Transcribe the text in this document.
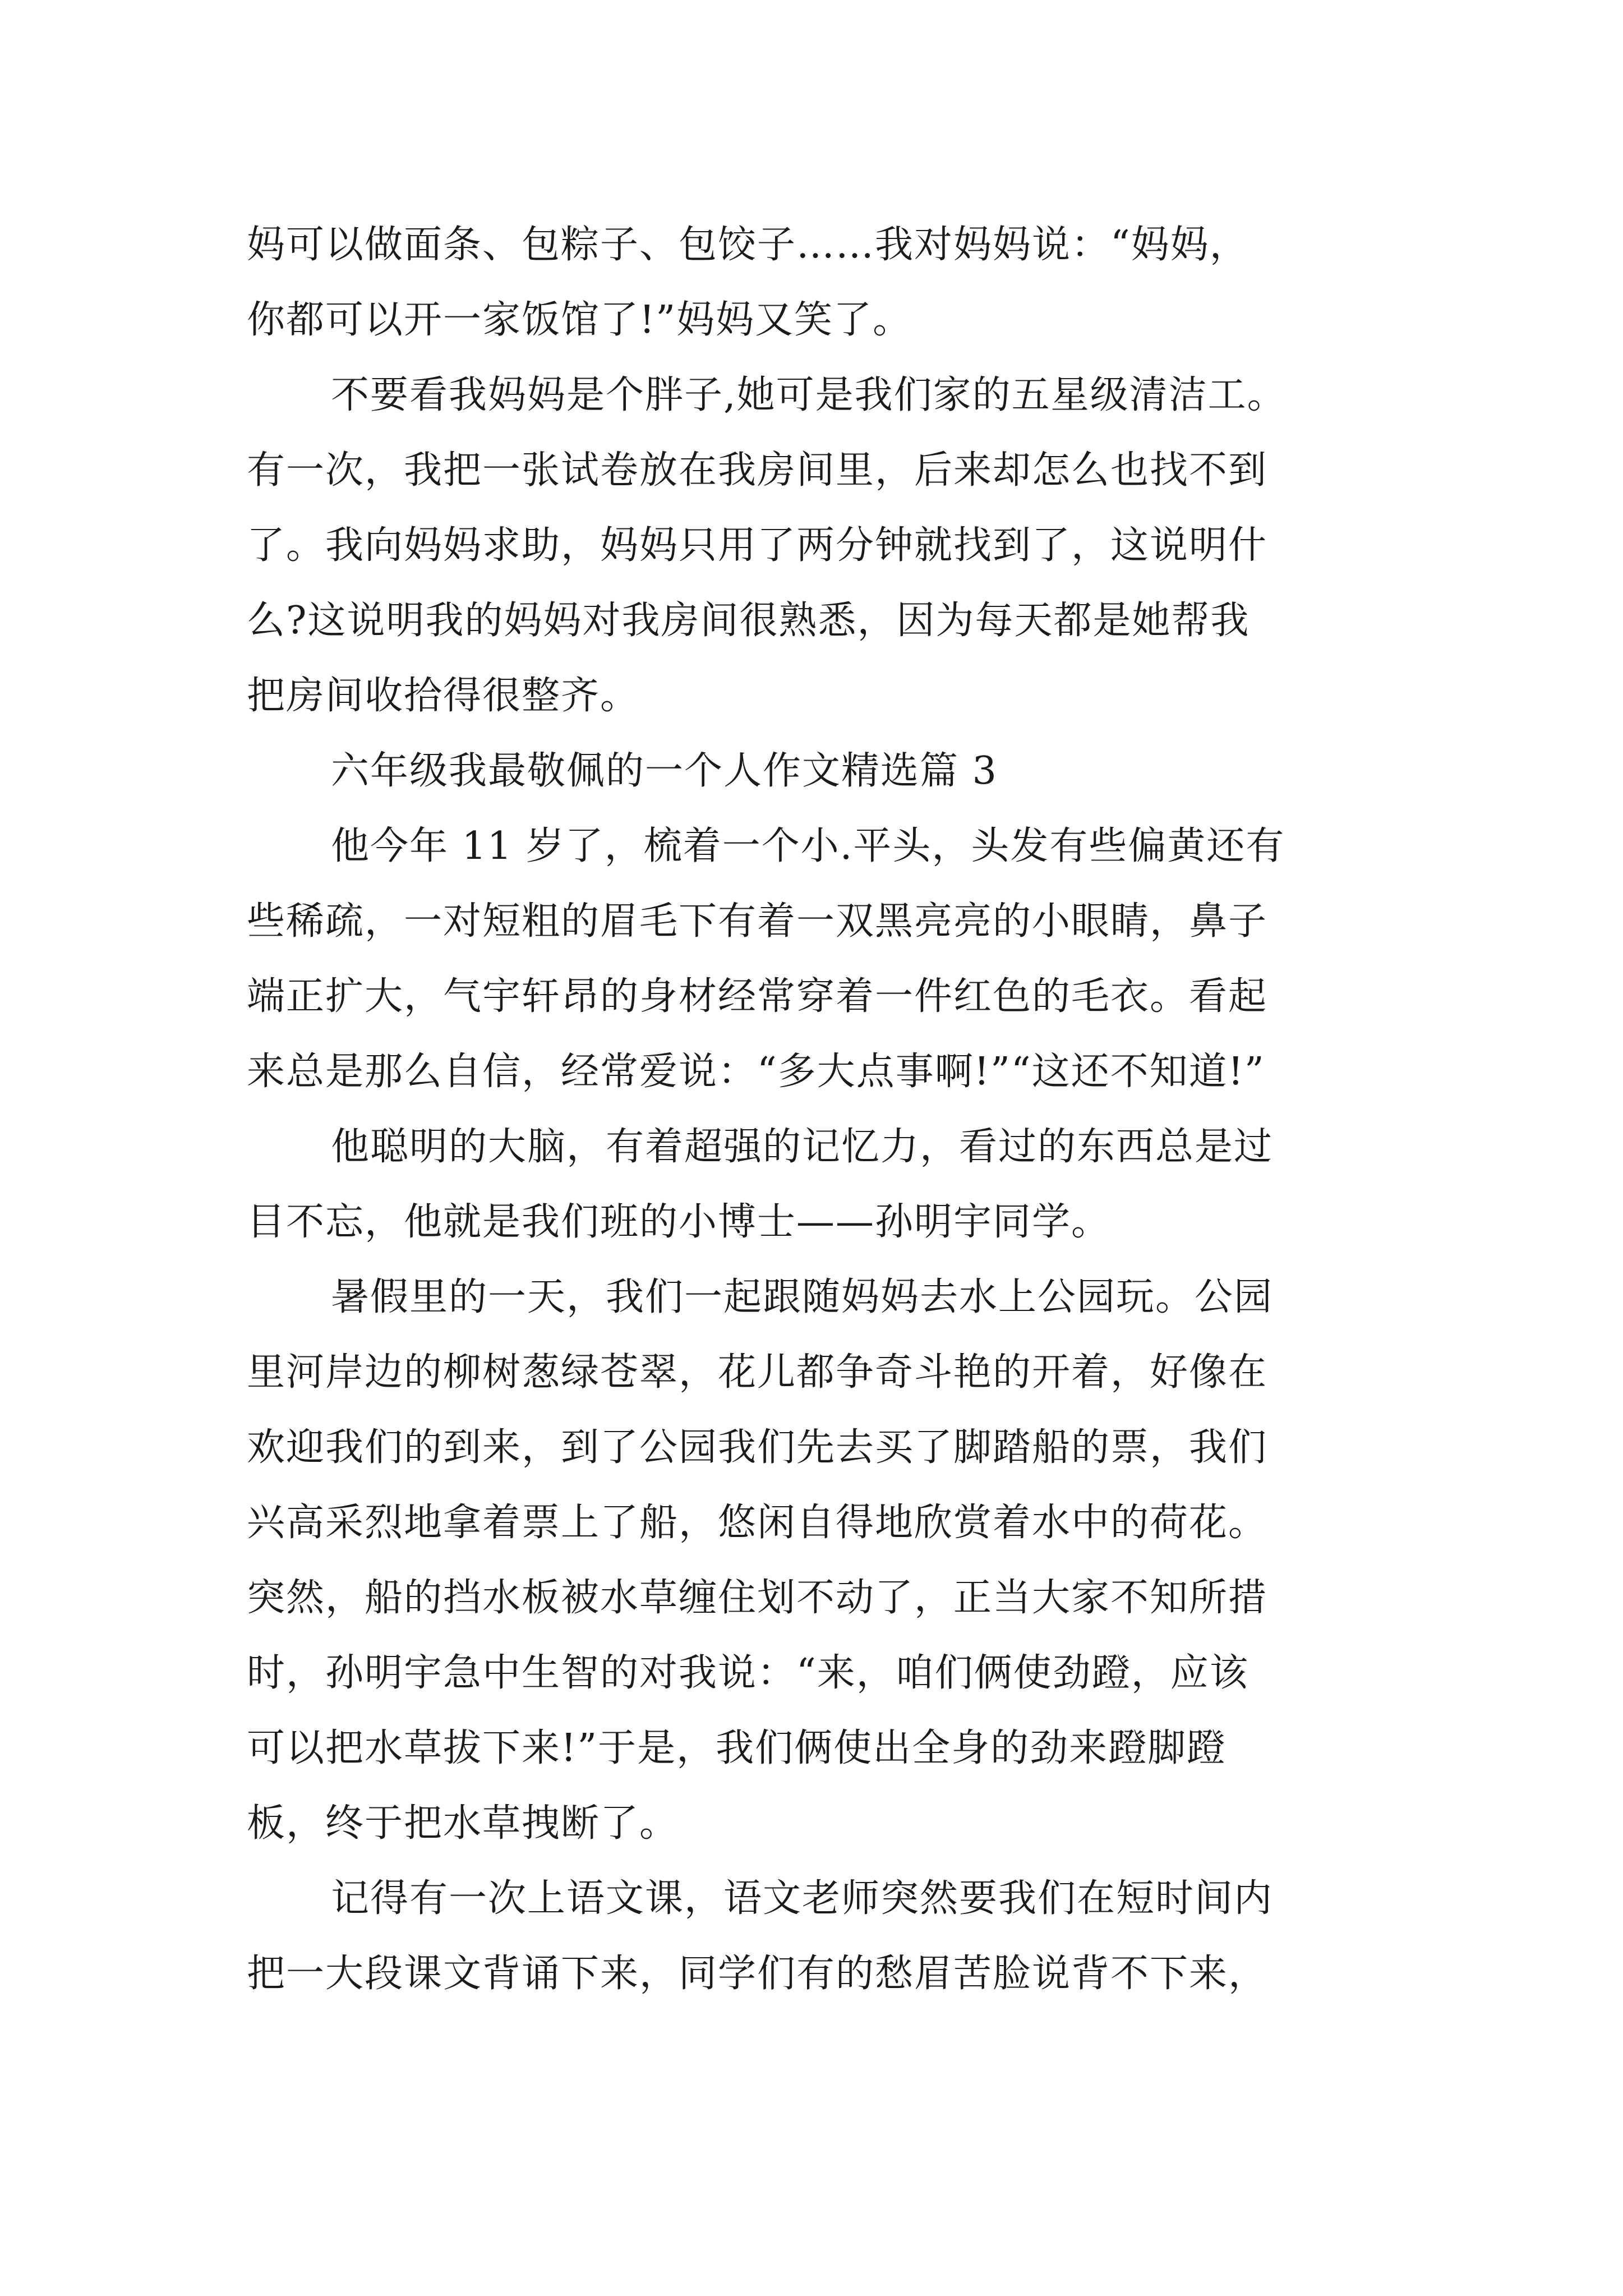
妈可以做面条、包粽子、包饺子……我对妈妈说：“妈妈，
你都可以开一家饭馆了!”妈妈又笑了。
不要看我妈妈是个胖子,她可是我们家的五星级清洁工。
有一次，我把一张试卷放在我房间里，后来却怎么也找不到
了。我向妈妈求助，妈妈只用了两分钟就找到了，这说明什
么?这说明我的妈妈对我房间很熟悉，因为每天都是她帮我
把房间收拾得很整齐。
六年级我最敬佩的一个人作文精选篇 3
他今年 11 岁了，梳着一个小.平头，头发有些偏黄还有
些稀疏，一对短粗的眉毛下有着一双黑亮亮的小眼睛，鼻子
端正扩大，气宇轩昂的身材经常穿着一件红色的毛衣。看起
来总是那么自信，经常爱说：“多大点事啊!”“这还不知道!”
他聪明的大脑，有着超强的记忆力，看过的东西总是过
目不忘，他就是我们班的小博士——孙明宇同学。
暑假里的一天，我们一起跟随妈妈去水上公园玩。公园
里河岸边的柳树葱绿苍翠，花儿都争奇斗艳的开着，好像在
欢迎我们的到来，到了公园我们先去买了脚踏船的票，我们
兴高采烈地拿着票上了船，悠闲自得地欣赏着水中的荷花。
突然，船的挡水板被水草缠住划不动了，正当大家不知所措
时，孙明宇急中生智的对我说：“来，咱们俩使劲蹬，应该
可以把水草拔下来!”于是，我们俩使出全身的劲来蹬脚蹬
板，终于把水草拽断了。
记得有一次上语文课，语文老师突然要我们在短时间内
把一大段课文背诵下来，同学们有的愁眉苦脸说背不下来，
